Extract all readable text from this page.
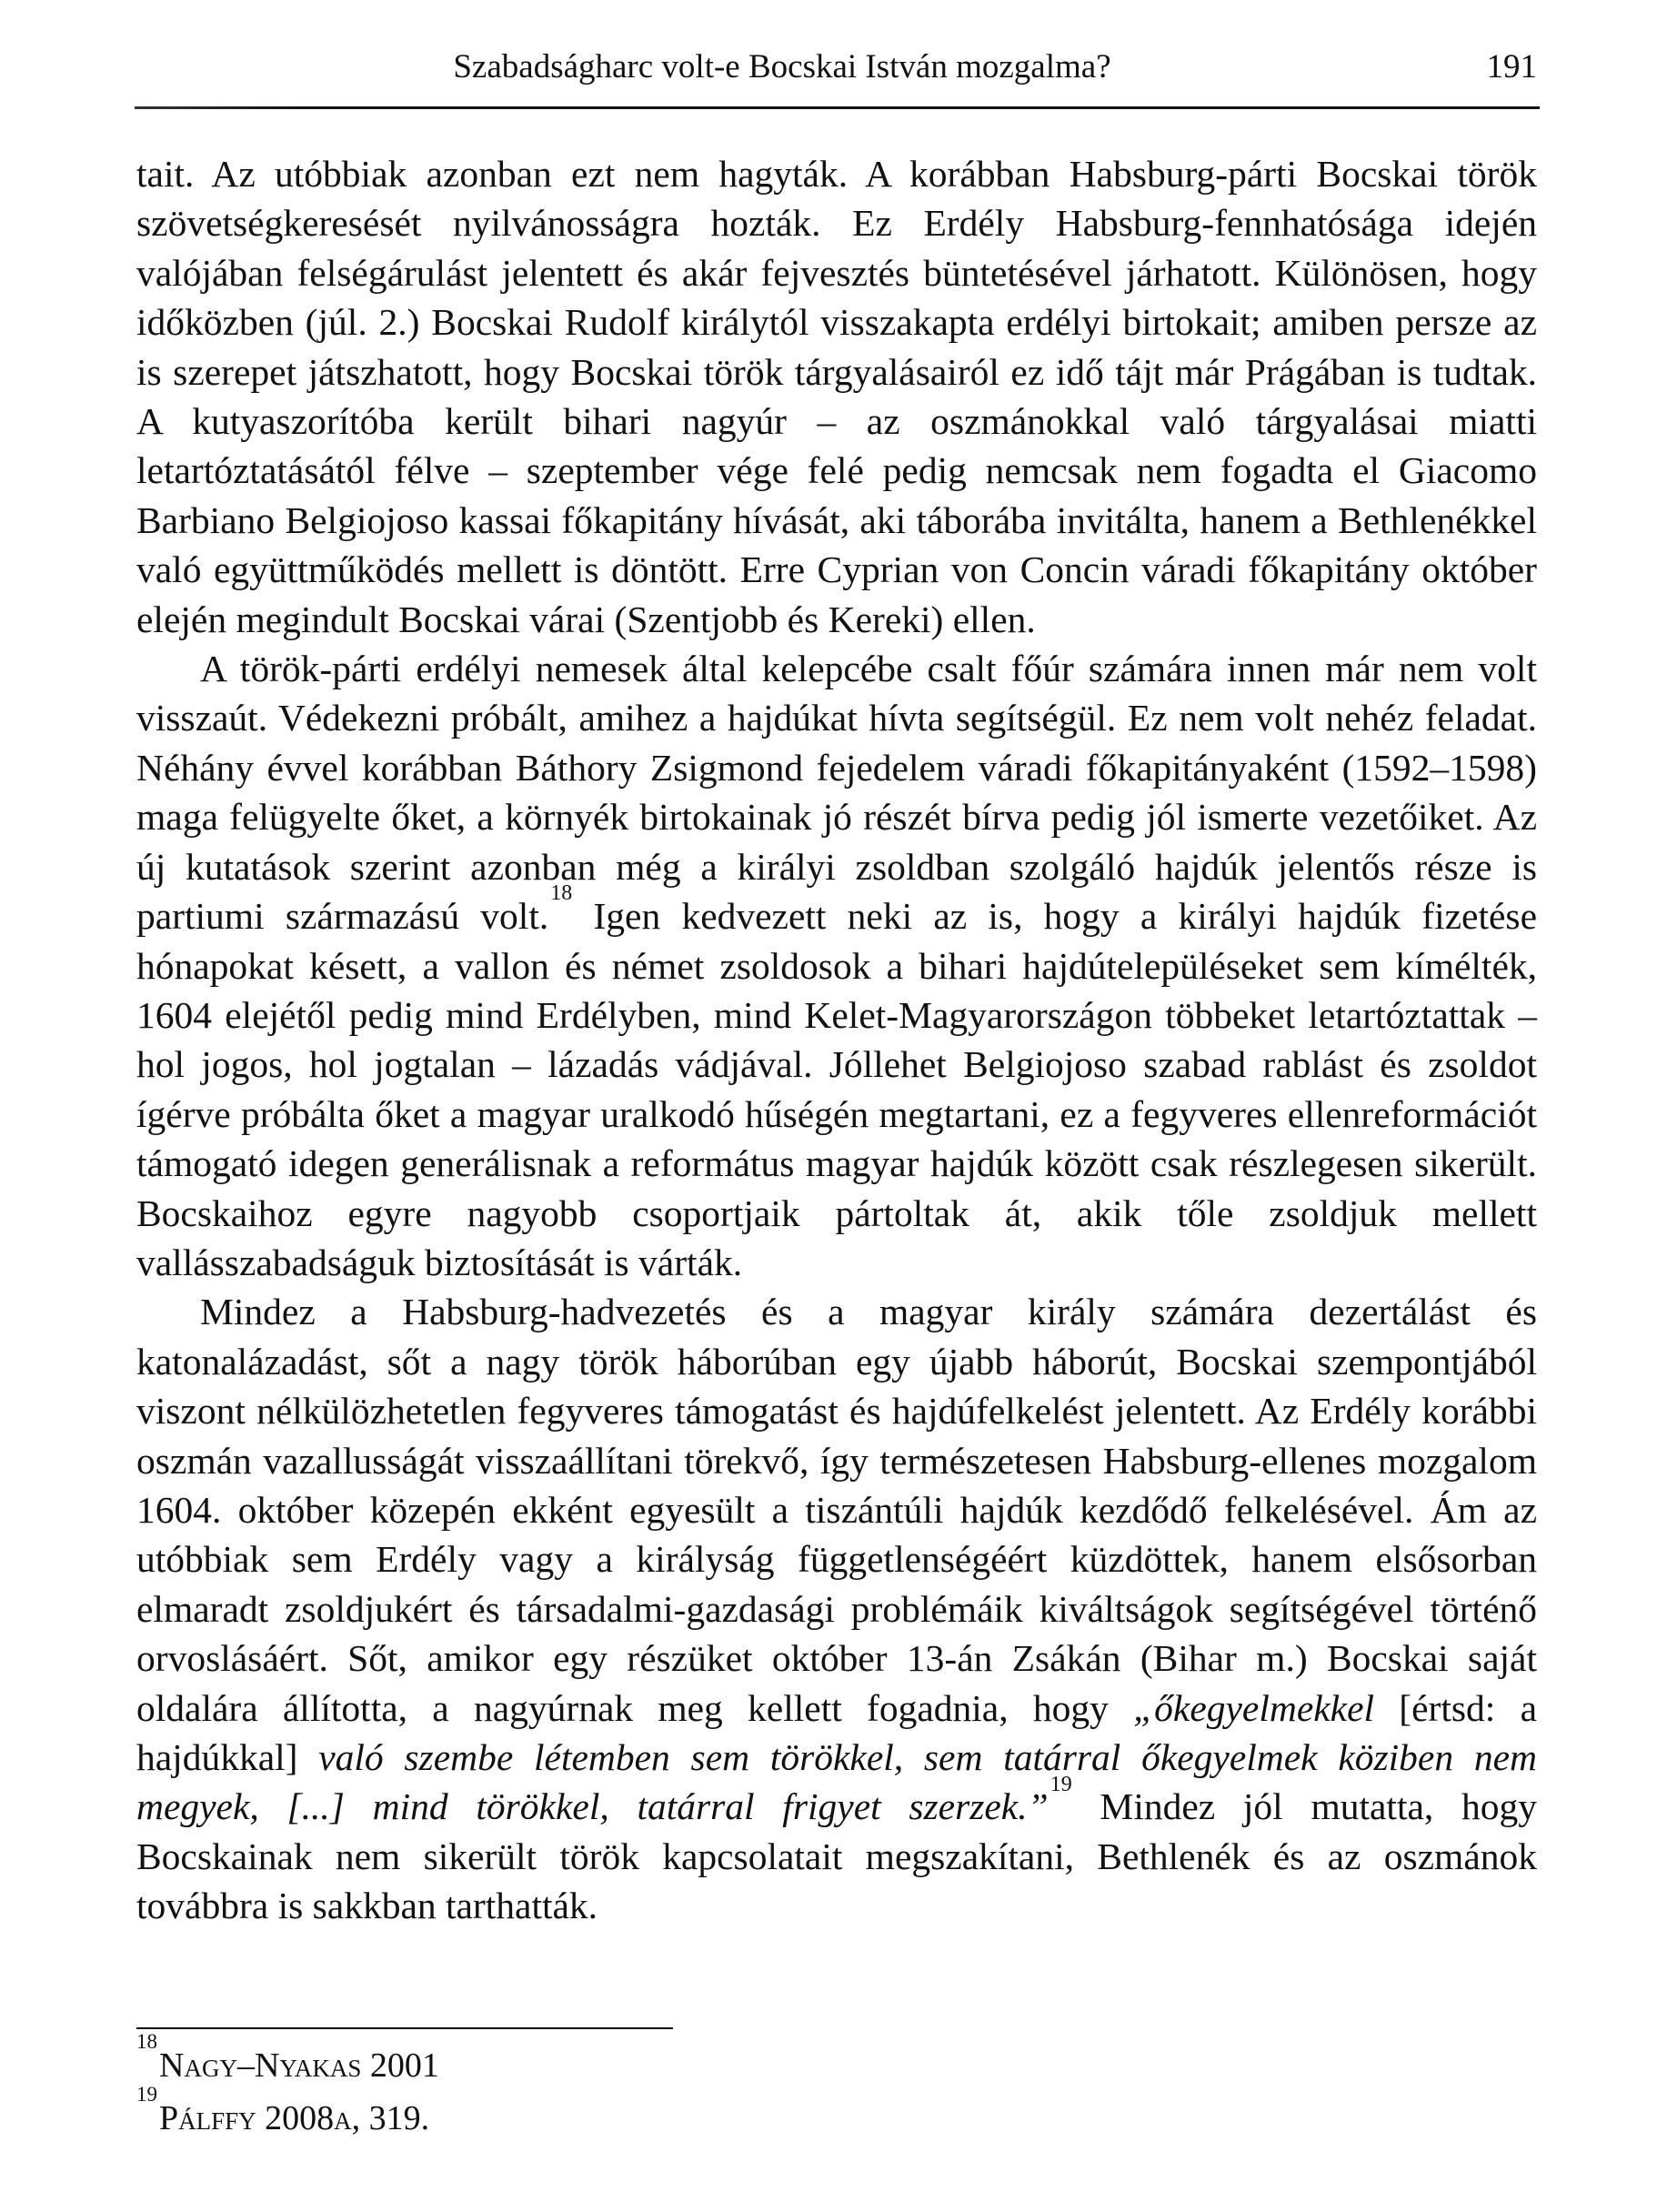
Szabadságharc volt-e Bocskai István mozgalma?	191

tait. Az utóbbiak azonban ezt nem hagyták. A korábban Habsburg-párti Bocskai török szövetségkeresését nyilvánosságra hozták. Ez Erdély Habsburg-fennhatósága idején valójában felségárulást jelentett és akár fejvesztés büntetésével járhatott. Különösen, hogy időközben (júl. 2.) Bocskai Rudolf királytól visszakapta erdélyi birtokait; amiben persze az is szerepet játszhatott, hogy Bocskai török tárgyalásairól ez idő tájt már Prágában is tudtak. A kutyaszorítóba került bihari nagyúr – az oszmánokkal való tárgyalásai miatti letartóztatásától félve – szeptember vége felé pedig nemcsak nem fogadta el Giacomo Barbiano Belgiojoso kassai főkapitány hívását, aki táborába invitálta, hanem a Bethlenékkel való együttműködés mellett is döntött. Erre Cyprian von Concin váradi főkapitány október elején megindult Bocskai várai (Szentjobb és Kereki) ellen.

A török-párti erdélyi nemesek által kelepcébe csalt főúr számára innen már nem volt visszaút. Védekezni próbált, amihez a hajdúkat hívta segítségül. Ez nem volt nehéz feladat. Néhány évvel korábban Báthory Zsigmond fejedelem váradi főkapitányaként (1592–1598) maga felügyelte őket, a környék birtokainak jó részét bírva pedig jól ismerte vezetőiket. Az új kutatások szerint azonban még a királyi zsoldban szolgáló hajdúk jelentős része is partiumi származású volt.$^{18}$ Igen kedvezett neki az is, hogy a királyi hajdúk fizetése hónapokat késett, a vallon és német zsoldosok a bihari hajdútelepüléseket sem kímélték, 1604 elejétől pedig mind Erdélyben, mind Kelet-Magyarországon többeket letartóztattak – hol jogos, hol jogtalan – lázadás vádjával. Jóllehet Belgiojoso szabad rablást és zsoldot ígérve próbálta őket a magyar uralkodó hűségén megtartani, ez a fegyveres ellenreformációt támogató idegen generálisnak a református magyar hajdúk között csak részlegesen sikerült. Bocskaihoz egyre nagyobb csoportjaik pártoltak át, akik tőle zsoldjuk mellett vallásszabadságuk biztosítását is várták.

Mindez a Habsburg-hadvezetés és a magyar király számára dezertálást és katonalázadást, sőt a nagy török háborúban egy újabb háborút, Bocskai szempontjából viszont nélkülözhetetlen fegyveres támogatást és hajdúfelkelést jelentett. Az Erdély korábbi oszmán vazallusságát visszaállítani törekvő, így természetesen Habsburg-ellenes mozgalom 1604. október közepén ekként egyesült a tiszántúli hajdúk kezdődő felkelésével. Ám az utóbbiak sem Erdély vagy a királyság függetlenségéért küzdöttek, hanem elsősorban elmaradt zsoldjukért és társadalmi-gazdasági problémáik kiváltságok segítségével történő orvoslásáért. Sőt, amikor egy részüket október 13-án Zsákán (Bihar m.) Bocskai saját oldalára állította, a nagyúrnak meg kellett fogadnia, hogy „őkegyelmekkel [értsd: a hajdúkkal] való szembe létemben sem törökkel, sem tatárral őkegyelmek köziben nem megyek, [...] mind törökkel, tatárral frigyet szerzek.”$^{19}$ Mindez jól mutatta, hogy Bocskainak nem sikerült török kapcsolatait megszakítani, Bethlenék és az oszmánok továbbra is sakkban tarthatták.

$^{18}$Nagy–Nyakas 2001
$^{19}$Pálffy 2008a, 319.
